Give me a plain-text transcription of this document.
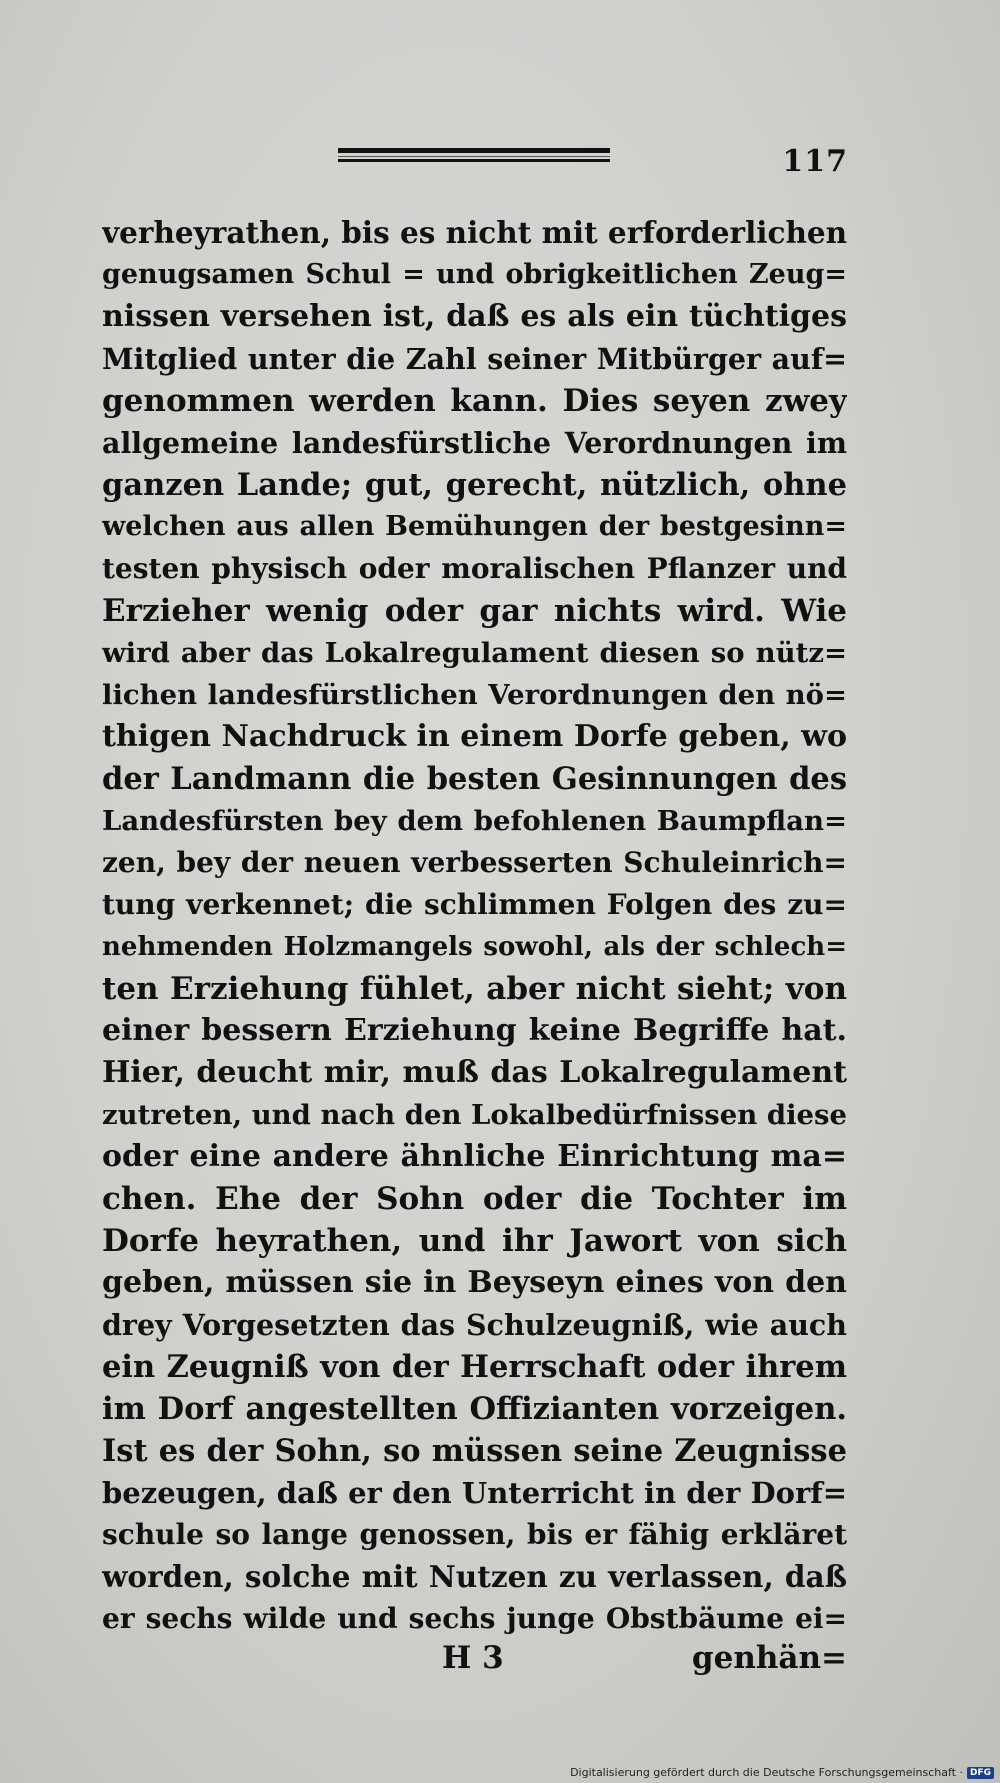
117
verheyrathen, bis es nicht mit erforderlichen
genugsamen Schul = und obrigkeitlichen Zeug=
nissen versehen ist, daß es als ein tüchtiges
Mitglied unter die Zahl seiner Mitbürger auf=
genommen werden kann. Dies seyen zwey
allgemeine landesfürstliche Verordnungen im
ganzen Lande; gut, gerecht, nützlich, ohne
welchen aus allen Bemühungen der bestgesinn=
testen physisch oder moralischen Pflanzer und
Erzieher wenig oder gar nichts wird. Wie
wird aber das Lokalregulament diesen so nütz=
lichen landesfürstlichen Verordnungen den nö=
thigen Nachdruck in einem Dorfe geben, wo
der Landmann die besten Gesinnungen des
Landesfürsten bey dem befohlenen Baumpflan=
zen, bey der neuen verbesserten Schuleinrich=
tung verkennet; die schlimmen Folgen des zu=
nehmenden Holzmangels sowohl, als der schlech=
ten Erziehung fühlet, aber nicht sieht; von
einer bessern Erziehung keine Begriffe hat.
Hier, deucht mir, muß das Lokalregulament
zutreten, und nach den Lokalbedürfnissen diese
oder eine andere ähnliche Einrichtung ma=
chen. Ehe der Sohn oder die Tochter im
Dorfe heyrathen, und ihr Jawort von sich
geben, müssen sie in Beyseyn eines von den
drey Vorgesetzten das Schulzeugniß, wie auch
ein Zeugniß von der Herrschaft oder ihrem
im Dorf angestellten Offizianten vorzeigen.
Ist es der Sohn, so müssen seine Zeugnisse
bezeugen, daß er den Unterricht in der Dorf=
schule so lange genossen, bis er fähig erkläret
worden, solche mit Nutzen zu verlassen, daß
er sechs wilde und sechs junge Obstbäume ei=
H 3	genhän=
Digitalisierung gefördert durch die Deutsche Forschungsgemeinschaft · DFG
